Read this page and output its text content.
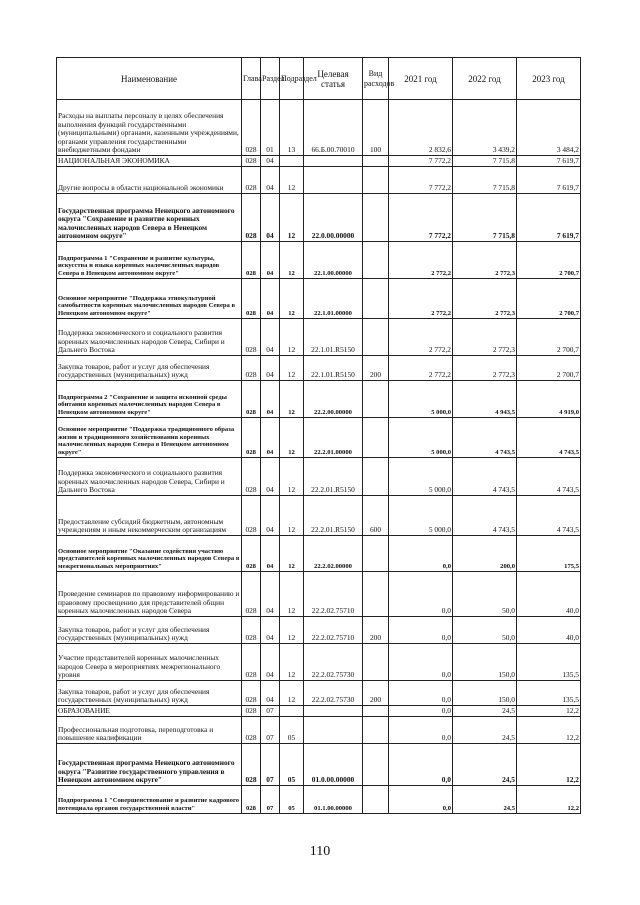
Наименование	Глава	Раздел	Подраздел	Целевая статья	Вид расходов	2021 год	2022 год	2023 год
Расходы на выплаты персоналу в целях обеспечения выполнения функций государственными (муниципальными) органами, казенными учреждениями, органами управления государственными внебюджетными фондами	028	01	13	66.Б.00.70010	100	2 832,6	3 439,2	3 484,2
НАЦИОНАЛЬНАЯ ЭКОНОМИКА	028	04				7 772,2	7 715,8	7 619,7
Другие вопросы в области национальной экономики	028	04	12			7 772,2	7 715,8	7 619,7
Государственная программа Ненецкого автономного округа "Сохранение и развитие коренных малочисленных народов Севера в Ненецком автономном округе"	028	04	12	22.0.00.00000		7 772,2	7 715,8	7 619,7
Подпрограмма 1 "Сохранение и развитие культуры, искусства и языка коренных малочисленных народов Севера в Ненецком автономном округе"	028	04	12	22.1.00.00000		2 772,2	2 772,3	2 700,7
Основное мероприятие "Поддержка этнокультурной самобытности коренных малочисленных народов Севера в Ненецком автономном округе"	028	04	12	22.1.01.00000		2 772,2	2 772,3	2 700,7
Поддержка экономического и социального развития коренных малочисленных народов Севера, Сибири и Дальнего Востока	028	04	12	22.1.01.R5150		2 772,2	2 772,3	2 700,7
Закупка товаров, работ и услуг для обеспечения государственных (муниципальных) нужд	028	04	12	22.1.01.R5150	200	2 772,2	2 772,3	2 700,7
Подпрограмма 2 "Сохранение и защита исконной среды обитания коренных малочисленных народов Севера в Ненецком автономном округе"	028	04	12	22.2.00.00000		5 000,0	4 943,5	4 919,0
Основное мероприятие "Поддержка традиционного образа жизни и традиционного хозяйствования коренных малочисленных народов Севера в Ненецком автономном округе"	028	04	12	22.2.01.00000		5 000,0	4 743,5	4 743,5
Поддержка экономического и социального развития коренных малочисленных народов Севера, Сибири и Дальнего Востока	028	04	12	22.2.01.R5150		5 000,0	4 743,5	4 743,5
Предоставление субсидий бюджетным, автономным учреждениям и иным некоммерческим организациям	028	04	12	22.2.01.R5150	600	5 000,0	4 743,5	4 743,5
Основное мероприятие "Оказание содействия участию представителей коренных малочисленных народов Севера в межрегиональных мероприятиях"	028	04	12	22.2.02.00000		0,0	200,0	175,5
Проведение семинаров по правовому информированию и правовому просвещению для представителей общин коренных малочисленных народов Севера	028	04	12	22.2.02.75710		0,0	50,0	40,0
Закупка товаров, работ и услуг для обеспечения государственных (муниципальных) нужд	028	04	12	22.2.02.75710	200	0,0	50,0	40,0
Участие представителей коренных малочисленных народов Севера в мероприятиях межрегионального уровня	028	04	12	22.2.02.75730		0,0	150,0	135,5
Закупка товаров, работ и услуг для обеспечения государственных (муниципальных) нужд	028	04	12	22.2.02.75730	200	0,0	150,0	135,5
ОБРАЗОВАНИЕ	028	07				0,0	24,5	12,2
Профессиональная подготовка, переподготовка и повышение квалификации	028	07	05			0,0	24,5	12,2
Государственная программа Ненецкого автономного округа "Развитие государственного управления в Ненецком автономном округе"	028	07	05	01.0.00.00000		0,0	24,5	12,2
Подпрограмма 1 "Совершенствование и развитие кадрового потенциала органов государственной власти"	028	07	05	01.1.00.00000		0,0	24,5	12,2
110
